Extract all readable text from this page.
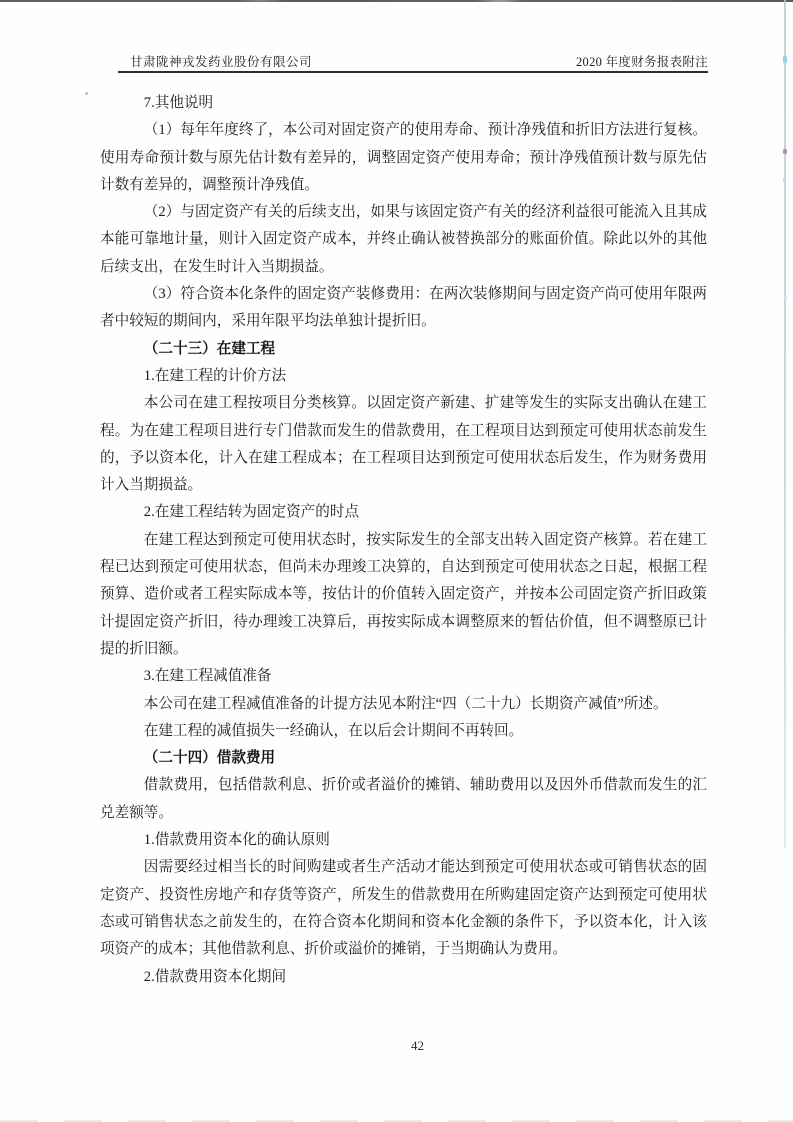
甘肃陇神戎发药业股份有限公司	2020 年度财务报表附注

7.其他说明

（1）每年年度终了，本公司对固定资产的使用寿命、预计净残值和折旧方法进行复核。使用寿命预计数与原先估计数有差异的，调整固定资产使用寿命；预计净残值预计数与原先估计数有差异的，调整预计净残值。

（2）与固定资产有关的后续支出，如果与该固定资产有关的经济利益很可能流入且其成本能可靠地计量，则计入固定资产成本，并终止确认被替换部分的账面价值。除此以外的其他后续支出，在发生时计入当期损益。

（3）符合资本化条件的固定资产装修费用：在两次装修期间与固定资产尚可使用年限两者中较短的期间内，采用年限平均法单独计提折旧。

（二十三）在建工程

1.在建工程的计价方法

本公司在建工程按项目分类核算。以固定资产新建、扩建等发生的实际支出确认在建工程。为在建工程项目进行专门借款而发生的借款费用，在工程项目达到预定可使用状态前发生的，予以资本化，计入在建工程成本；在工程项目达到预定可使用状态后发生，作为财务费用计入当期损益。

2.在建工程结转为固定资产的时点

在建工程达到预定可使用状态时，按实际发生的全部支出转入固定资产核算。若在建工程已达到预定可使用状态，但尚未办理竣工决算的，自达到预定可使用状态之日起，根据工程预算、造价或者工程实际成本等，按估计的价值转入固定资产，并按本公司固定资产折旧政策计提固定资产折旧，待办理竣工决算后，再按实际成本调整原来的暂估价值，但不调整原已计提的折旧额。

3.在建工程减值准备

本公司在建工程减值准备的计提方法见本附注“四（二十九）长期资产减值”所述。

在建工程的减值损失一经确认，在以后会计期间不再转回。

（二十四）借款费用

借款费用，包括借款利息、折价或者溢价的摊销、辅助费用以及因外币借款而发生的汇兑差额等。

1.借款费用资本化的确认原则

因需要经过相当长的时间购建或者生产活动才能达到预定可使用状态或可销售状态的固定资产、投资性房地产和存货等资产，所发生的借款费用在所购建固定资产达到预定可使用状态或可销售状态之前发生的，在符合资本化期间和资本化金额的条件下，予以资本化，计入该项资产的成本；其他借款利息、折价或溢价的摊销，于当期确认为费用。

2.借款费用资本化期间

42
